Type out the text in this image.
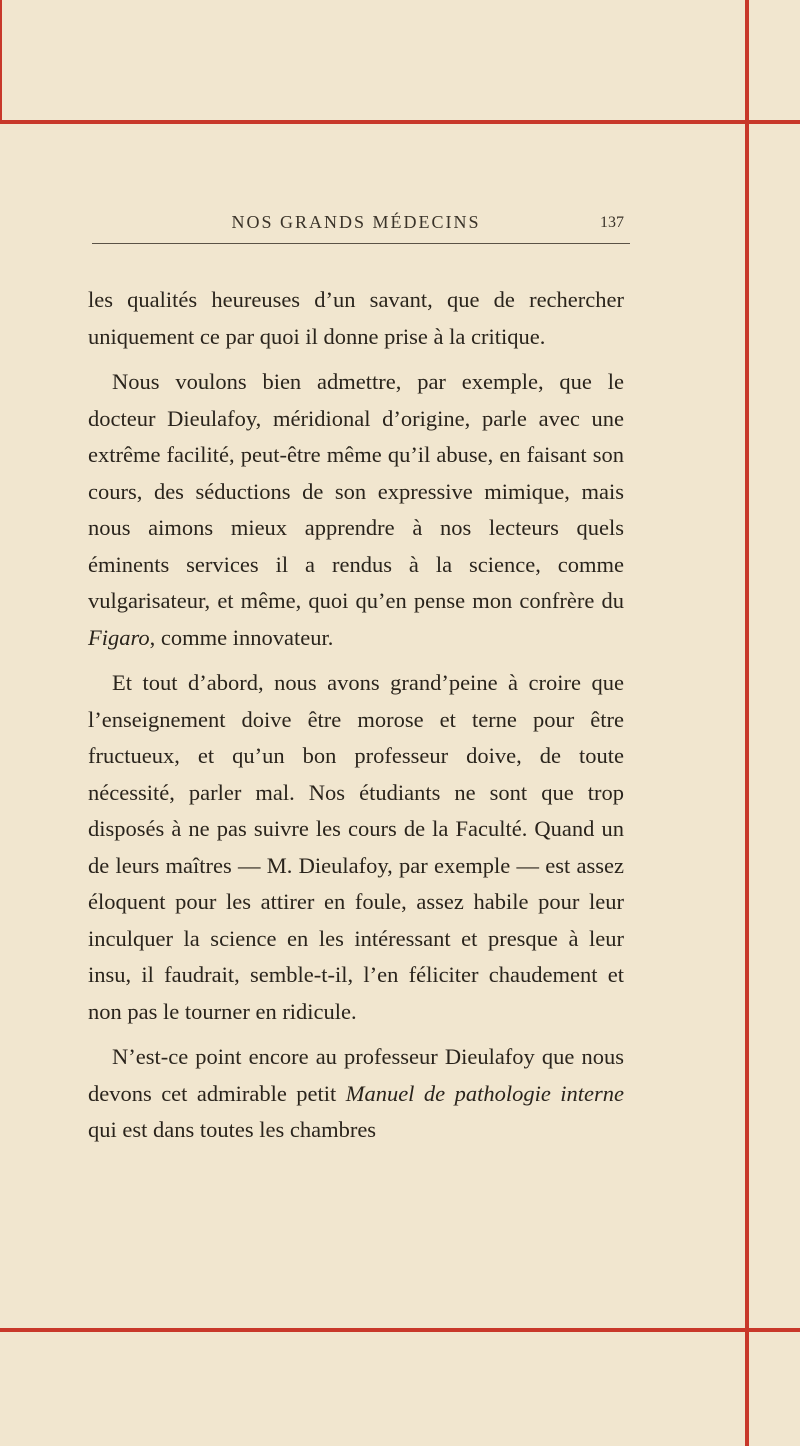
NOS GRANDS MÉDECINS	137

les qualités heureuses d’un savant, que de rechercher uniquement ce par quoi il donne prise à la critique.

Nous voulons bien admettre, par exemple, que le docteur Dieulafoy, méridional d’origine, parle avec une extrême facilité, peut-être même qu’il abuse, en faisant son cours, des séductions de son expressive mimique, mais nous aimons mieux apprendre à nos lecteurs quels éminents services il a rendus à la science, comme vulgarisateur, et même, quoi qu’en pense mon confrère du Figaro, comme innovateur.

Et tout d’abord, nous avons grand’peine à croire que l’enseignement doive être morose et terne pour être fructueux, et qu’un bon professeur doive, de toute nécessité, parler mal. Nos étudiants ne sont que trop disposés à ne pas suivre les cours de la Faculté. Quand un de leurs maîtres — M. Dieulafoy, par exemple — est assez éloquent pour les attirer en foule, assez habile pour leur inculquer la science en les intéressant et presque à leur insu, il faudrait, semble-t-il, l’en féliciter chaudement et non pas le tourner en ridicule.

N’est-ce point encore au professeur Dieulafoy que nous devons cet admirable petit Manuel de pathologie interne qui est dans toutes les chambres
